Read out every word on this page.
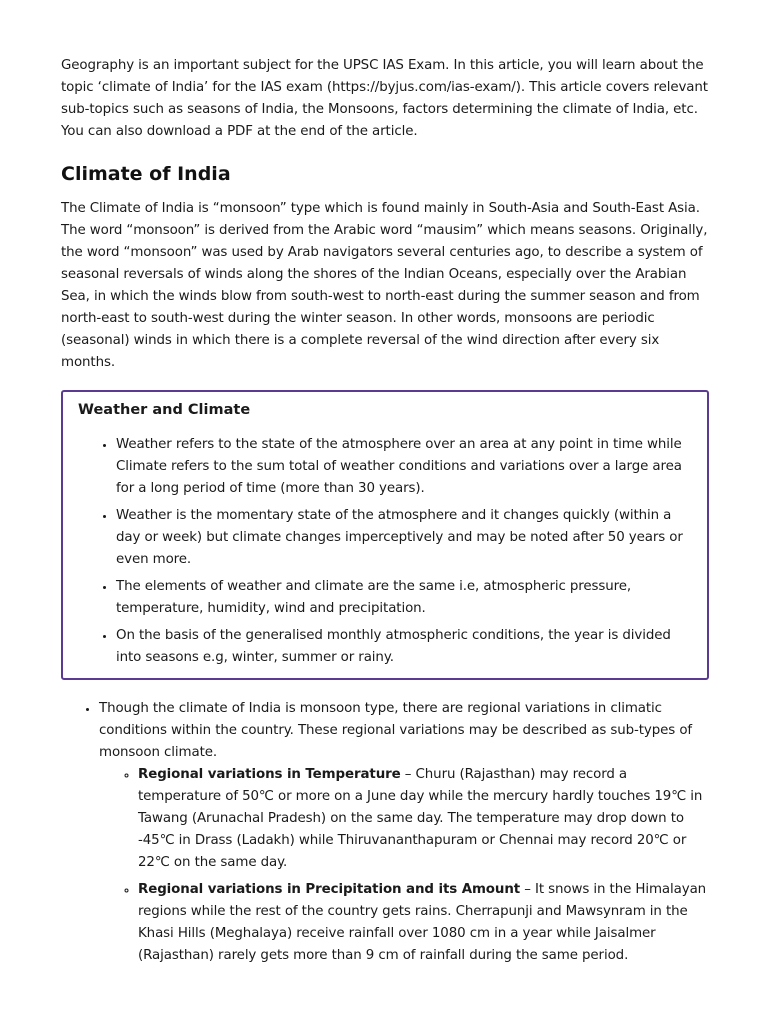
Geography is an important subject for the UPSC IAS Exam. In this article, you will learn about the topic ‘climate of India’ for the IAS exam (https://byjus.com/ias-exam/). This article covers relevant sub-topics such as seasons of India, the Monsoons, factors determining the climate of India, etc. You can also download a PDF at the end of the article.

Climate of India

The Climate of India is “monsoon” type which is found mainly in South-Asia and South-East Asia. The word “monsoon” is derived from the Arabic word “mausim” which means seasons. Originally, the word “monsoon” was used by Arab navigators several centuries ago, to describe a system of seasonal reversals of winds along the shores of the Indian Oceans, especially over the Arabian Sea, in which the winds blow from south-west to north-east during the summer season and from north-east to south-west during the winter season. In other words, monsoons are periodic (seasonal) winds in which there is a complete reversal of the wind direction after every six months.

Weather and Climate
• Weather refers to the state of the atmosphere over an area at any point in time while Climate refers to the sum total of weather conditions and variations over a large area for a long period of time (more than 30 years).
• Weather is the momentary state of the atmosphere and it changes quickly (within a day or week) but climate changes imperceptively and may be noted after 50 years or even more.
• The elements of weather and climate are the same i.e, atmospheric pressure, temperature, humidity, wind and precipitation.
• On the basis of the generalised monthly atmospheric conditions, the year is divided into seasons e.g, winter, summer or rainy.
• Though the climate of India is monsoon type, there are regional variations in climatic conditions within the country. These regional variations may be described as sub-types of monsoon climate.
◦ Regional variations in Temperature – Churu (Rajasthan) may record a temperature of 50℃ or more on a June day while the mercury hardly touches 19℃ in Tawang (Arunachal Pradesh) on the same day. The temperature may drop down to -45℃ in Drass (Ladakh) while Thiruvananthapuram or Chennai may record 20℃ or 22℃ on the same day.
◦ Regional variations in Precipitation and its Amount – It snows in the Himalayan regions while the rest of the country gets rains. Cherrapunji and Mawsynram in the Khasi Hills (Meghalaya) receive rainfall over 1080 cm in a year while Jaisalmer (Rajasthan) rarely gets more than 9 cm of rainfall during the same period.
